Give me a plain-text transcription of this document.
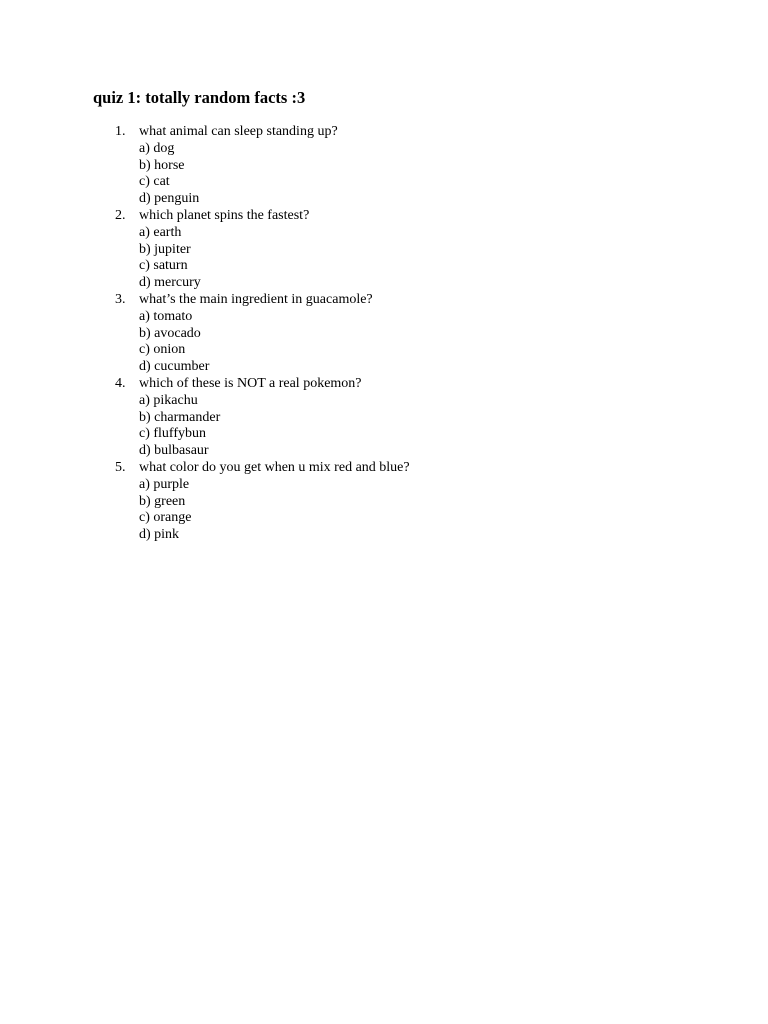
quiz 1: totally random facts :3
1. what animal can sleep standing up?
a) dog
b) horse
c) cat
d) penguin
2. which planet spins the fastest?
a) earth
b) jupiter
c) saturn
d) mercury
3. what’s the main ingredient in guacamole?
a) tomato
b) avocado
c) onion
d) cucumber
4. which of these is NOT a real pokemon?
a) pikachu
b) charmander
c) fluffybun
d) bulbasaur
5. what color do you get when u mix red and blue?
a) purple
b) green
c) orange
d) pink
